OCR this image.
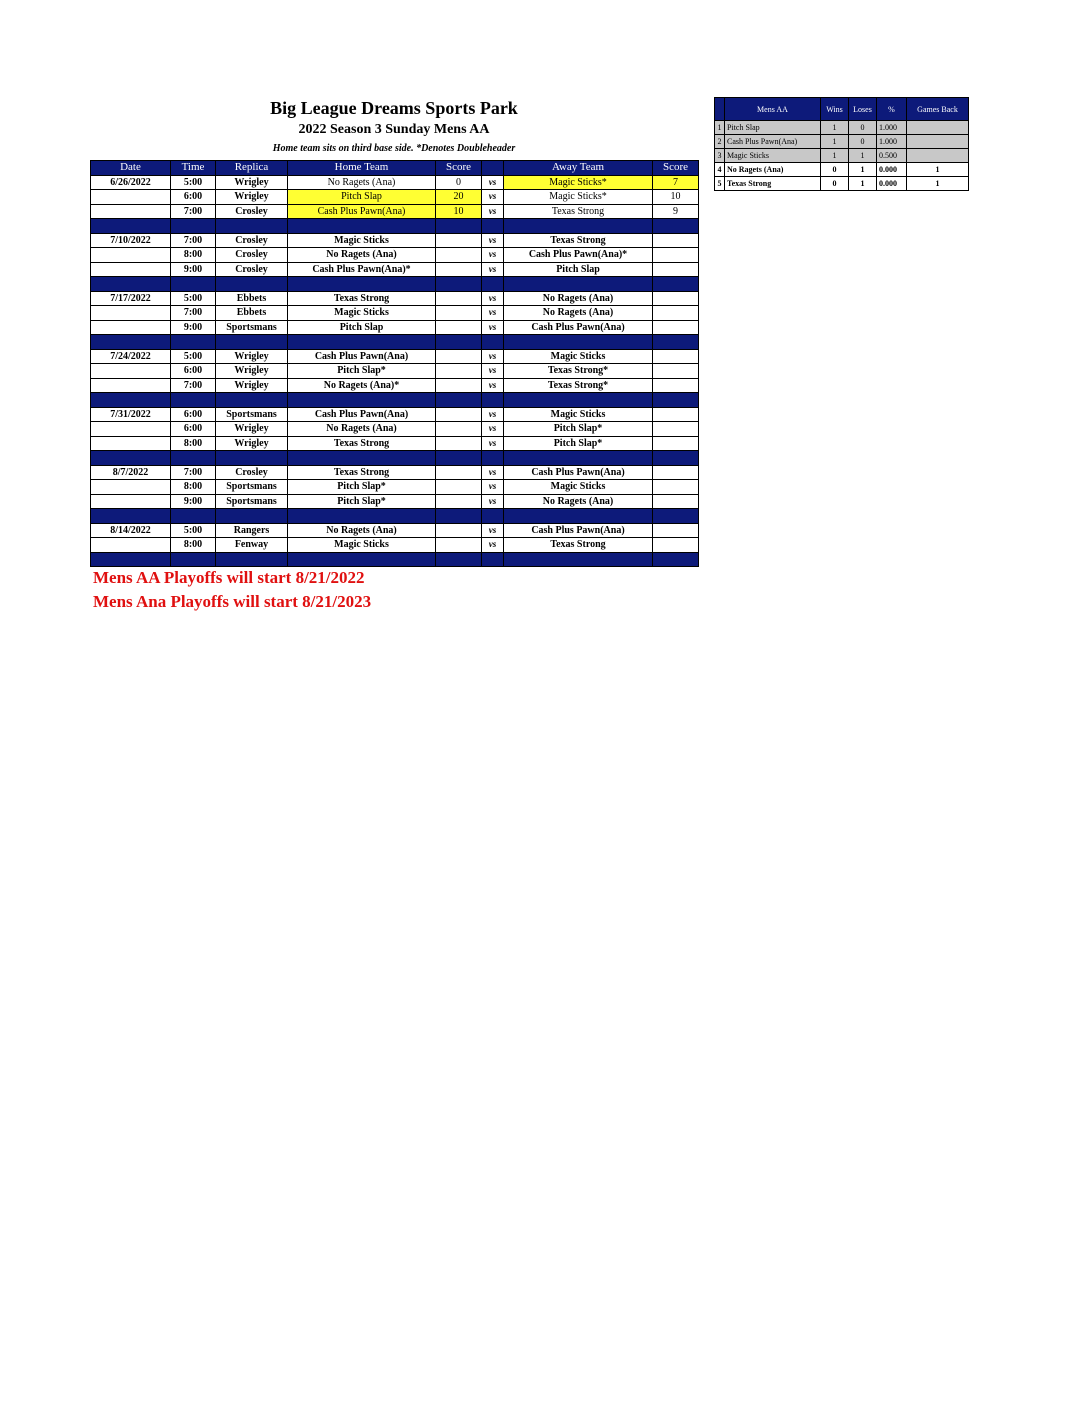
Big League Dreams Sports Park
2022 Season 3 Sunday Mens AA
Home team sits on third base side. *Denotes Doubleheader
Date	Time	Replica	Home Team	Score		Away Team	Score
6/26/2022	5:00	Wrigley	No Ragets (Ana)	0	vs	Magic Sticks*	7
	6:00	Wrigley	Pitch Slap	20	vs	Magic Sticks*	10
	7:00	Crosley	Cash Plus Pawn(Ana)	10	vs	Texas Strong	9

7/10/2022	7:00	Crosley	Magic Sticks		vs	Texas Strong	
	8:00	Crosley	No Ragets (Ana)		vs	Cash Plus Pawn(Ana)*	
	9:00	Crosley	Cash Plus Pawn(Ana)*		vs	Pitch Slap	

7/17/2022	5:00	Ebbets	Texas Strong		vs	No Ragets (Ana)	
	7:00	Ebbets	Magic Sticks		vs	No Ragets (Ana)	
	9:00	Sportsmans	Pitch Slap		vs	Cash Plus Pawn(Ana)	

7/24/2022	5:00	Wrigley	Cash Plus Pawn(Ana)		vs	Magic Sticks	
	6:00	Wrigley	Pitch Slap*		vs	Texas Strong*	
	7:00	Wrigley	No Ragets (Ana)*		vs	Texas Strong*	

7/31/2022	6:00	Sportsmans	Cash Plus Pawn(Ana)		vs	Magic Sticks	
	6:00	Wrigley	No Ragets (Ana)		vs	Pitch Slap*	
	8:00	Wrigley	Texas Strong		vs	Pitch Slap*	

8/7/2022	7:00	Crosley	Texas Strong		vs	Cash Plus Pawn(Ana)	
	8:00	Sportsmans	Pitch Slap*		vs	Magic Sticks	
	9:00	Sportsmans	Pitch Slap*		vs	No Ragets (Ana)	

8/14/2022	5:00	Rangers	No Ragets (Ana)		vs	Cash Plus Pawn(Ana)	
	8:00	Fenway	Magic Sticks		vs	Texas Strong	

Mens AA Playoffs will start 8/21/2022
Mens Ana Playoffs will start 8/21/2023
	Mens AA	Wins	Loses	%	Games Back
1	Pitch Slap	1	0	1.000	
2	Cash Plus Pawn(Ana)	1	0	1.000	
3	Magic Sticks	1	1	0.500	
4	No Ragets (Ana)	0	1	0.000	1
5	Texas Strong	0	1	0.000	1
